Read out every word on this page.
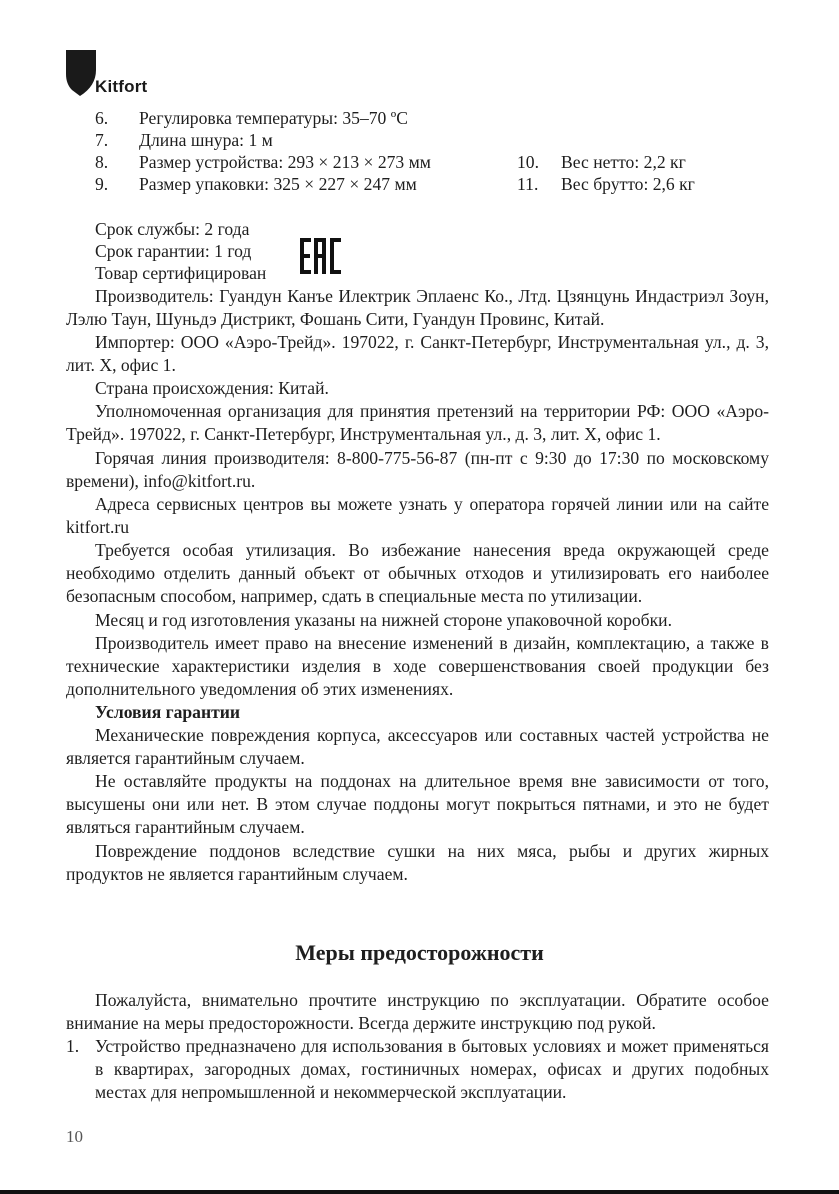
Kitfort
6. Регулировка температуры: 35–70 ºC
7. Длина шнура: 1 м
8. Размер устройства: 293 × 213 × 273 мм
9. Размер упаковки: 325 × 227 × 247 мм
10. Вес нетто: 2,2 кг
11. Вес брутто: 2,6 кг
Срок службы: 2 года
Срок гарантии: 1 год
Товар сертифицирован

Производитель: Гуандун Канъе Илектрик Эплаенс Ко., Лтд. Цзянцунь Индастриэл Зоун, Лэлю Таун, Шуньдэ Дистрикт, Фошань Сити, Гуандун Провинс, Китай.

Импортер: ООО «Аэро-Трейд». 197022, г. Санкт-Петербург, Инструментальная ул., д. 3, лит. Х, офис 1.

Страна происхождения: Китай.

Уполномоченная организация для принятия претензий на территории РФ: ООО «Аэро-Трейд». 197022, г. Санкт-Петербург, Инструментальная ул., д. 3, лит. Х, офис 1.

Горячая линия производителя: 8-800-775-56-87 (пн-пт с 9:30 до 17:30 по московскому времени), info@kitfort.ru.

Адреса сервисных центров вы можете узнать у оператора горячей линии или на сайте kitfort.ru

Требуется особая утилизация. Во избежание нанесения вреда окружающей среде необходимо отделить данный объект от обычных отходов и утилизировать его наиболее безопасным способом, например, сдать в специальные места по утилизации.

Месяц и год изготовления указаны на нижней стороне упаковочной коробки.

Производитель имеет право на внесение изменений в дизайн, комплектацию, а также в технические характеристики изделия в ходе совершенствования своей продукции без дополнительного уведомления об этих изменениях.

Условия гарантии

Механические повреждения корпуса, аксессуаров или составных частей устройства не является гарантийным случаем.

Не оставляйте продукты на поддонах на длительное время вне зависимости от того, высушены они или нет. В этом случае поддоны могут покрыться пятнами, и это не будет являться гарантийным случаем.

Повреждение поддонов вследствие сушки на них мяса, рыбы и других жирных продуктов не является гарантийным случаем.

Меры предосторожности

Пожалуйста, внимательно прочтите инструкцию по эксплуатации. Обратите особое внимание на меры предосторожности. Всегда держите инструкцию под рукой.

1. Устройство предназначено для использования в бытовых условиях и может применяться в квартирах, загородных домах, гостиничных номерах, офисах и других подобных местах для непромышленной и некоммерческой эксплуатации.
10
